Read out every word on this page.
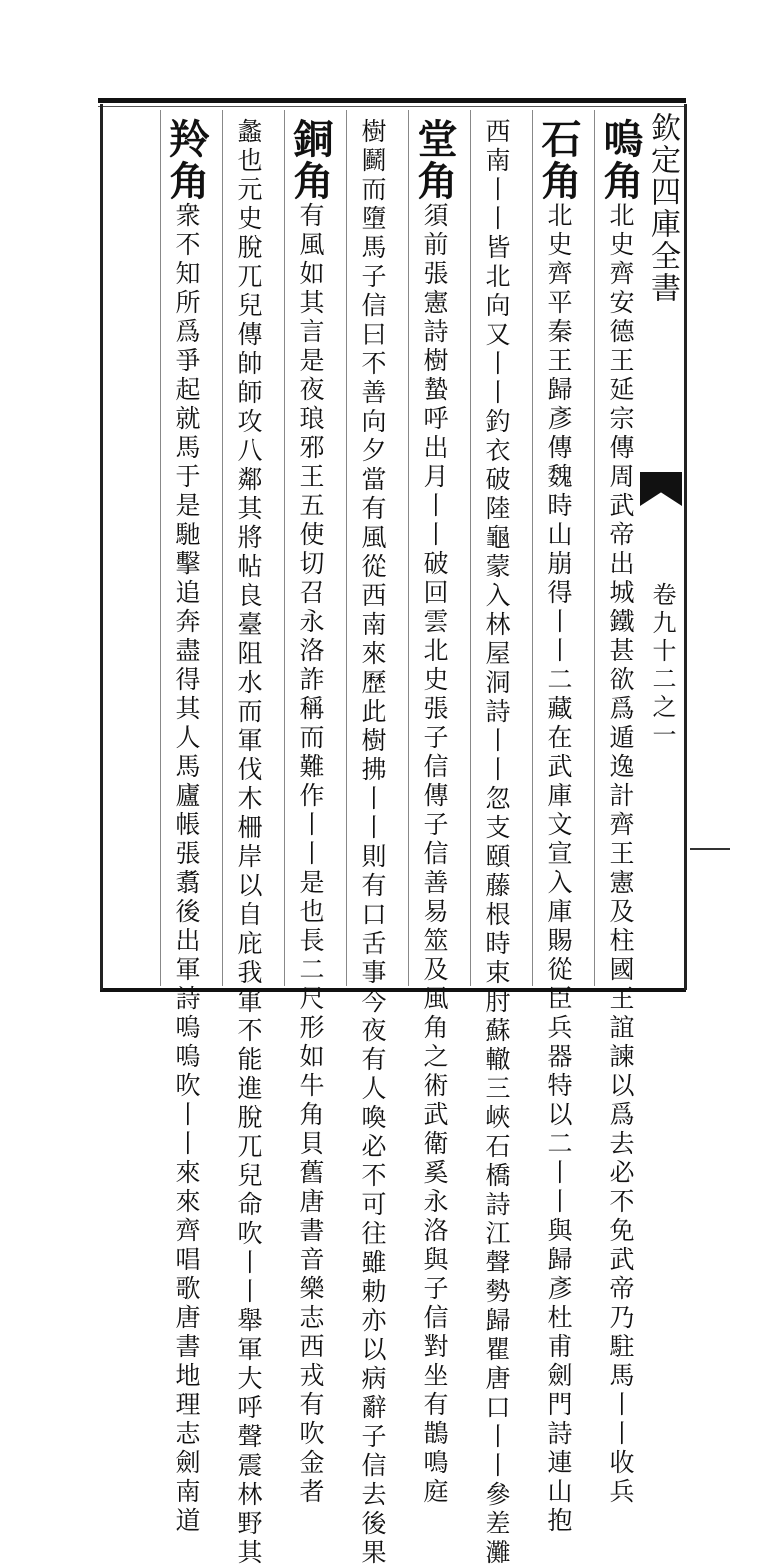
欽定四庫全書
卷九十二之一
嗚角北史齊安德王延宗傳周武帝出城鐵甚欲爲遁逸計齊王憲及柱國王誼諫以爲去必不免武帝乃駐馬丨丨收兵
石角北史齊平秦王歸彥傳魏時山崩得丨丨二藏在武庫文宣入庫賜從臣兵器特以二丨丨與歸彥杜甫劍門詩連山抱
西南丨丨皆北向又丨丨釣衣破陸龜蒙入林屋洞詩丨丨忽支頤藤根時束肘蘇轍三峽石橋詩江聲勢歸瞿唐口丨丨參差灘
堂角須前張憲詩樹蟄呼出月丨丨破回雲北史張子信傳子信善易筮及風角之術武衛奚永洛與子信對坐有鵲鳴庭
樹鬬而墮馬子信曰不善向夕當有風從西南來歷此樹拂丨丨則有口舌事今夜有人喚必不可往雖勅亦以病辭子信去後果
銅角有風如其言是夜琅邪王五使切召永洛詐稱而難作丨丨是也長二尺形如牛角貝舊唐書音樂志西戎有吹金者
蠡也元史脫兀兒傳帥師攻八鄰其將帖良臺阻水而軍伐木柵岸以自庇我軍不能進脫兀兒命吹丨丨舉軍大呼聲震林野其
羚角衆不知所爲爭起就馬于是馳擊追奔盡得其人馬廬帳張翥後出軍詩嗚嗚吹丨丨來來齊唱歌唐書地理志劍南道
